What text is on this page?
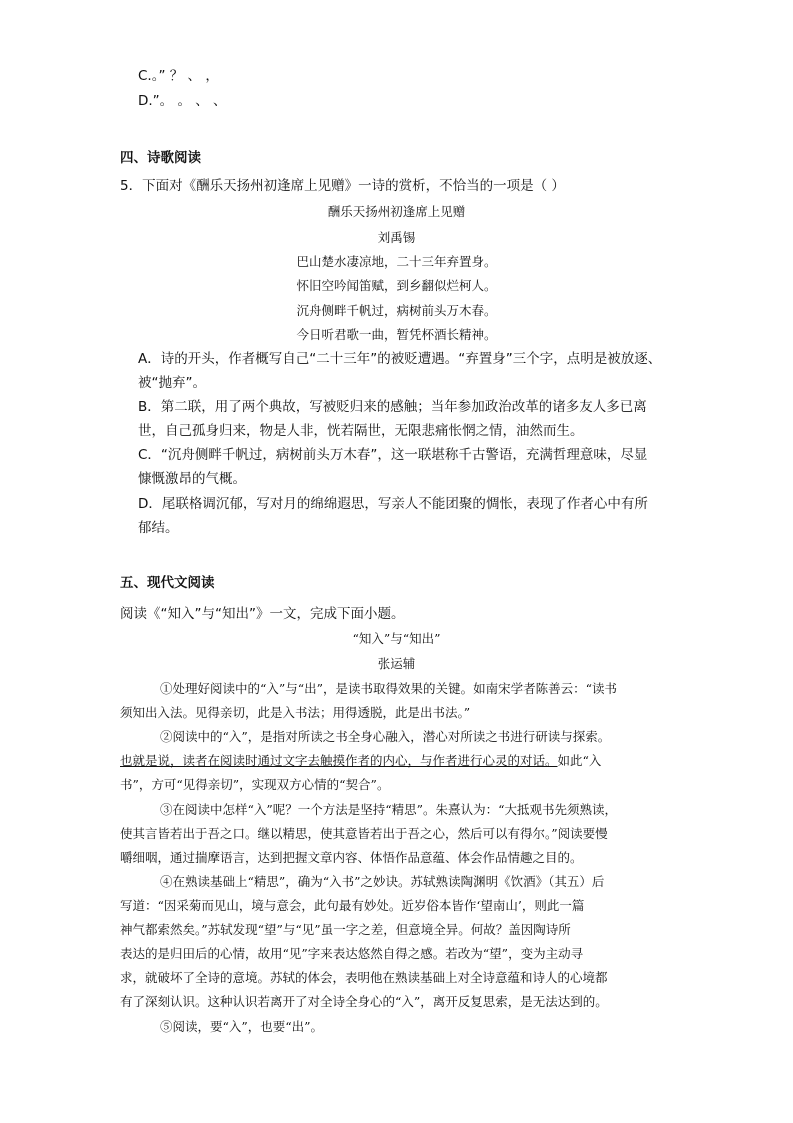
C.。” ？ 、 ，
D.”。 。 、 、
四、诗歌阅读
5．下面对《酬乐天扬州初逢席上见赠》一诗的赏析，不恰当的一项是（ ）
酬乐天扬州初逢席上见赠
刘禹锡
巴山楚水凄凉地，二十三年弃置身。
怀旧空吟闻笛赋，到乡翻似烂柯人。
沉舟侧畔千帆过，病树前头万木春。
今日听君歌一曲，暂凭杯酒长精神。
A．诗的开头，作者概写自己“二十三年”的被贬遭遇。“弃置身”三个字，点明是被放逐、
被“抛弃”。
B．第二联，用了两个典故，写被贬归来的感触；当年参加政治改革的诸多友人多已离
世，自己孤身归来，物是人非，恍若隔世，无限悲痛怅惘之情，油然而生。
C．“沉舟侧畔千帆过，病树前头万木春”，这一联堪称千古警语，充满哲理意味，尽显
慷慨激昂的气概。
D．尾联格调沉郁，写对月的绵绵遐思，写亲人不能团聚的惆怅，表现了作者心中有所
郁结。
五、现代文阅读
阅读《“知入”与“知出”》一文，完成下面小题。
“知入”与“知出”
张运辅
①处理好阅读中的“入”与“出”，是读书取得效果的关键。如南宋学者陈善云：“读书
须知出入法。见得亲切，此是入书法；用得透脱，此是出书法。”
②阅读中的“入”，是指对所读之书全身心融入，潜心对所读之书进行研读与探索。
也就是说，读者在阅读时通过文字去触摸作者的内心，与作者进行心灵的对话。如此“入
书”，方可“见得亲切”，实现双方心情的“契合”。
③在阅读中怎样“入”呢？一个方法是坚持“精思”。朱熹认为：“大抵观书先须熟读，
使其言皆若出于吾之口。继以精思，使其意皆若出于吾之心，然后可以有得尔。”阅读要慢
嚼细咽，通过揣摩语言，达到把握文章内容、体悟作品意蕴、体会作品情趣之目的。
④在熟读基础上“精思”，确为“入书”之妙诀。苏轼熟读陶渊明《饮酒》（其五）后
写道：“因采菊而见山，境与意会，此句最有妙处。近岁俗本皆作‘望南山’，则此一篇
神气都索然矣。”苏轼发现“望”与“见”虽一字之差，但意境全异。何故？盖因陶诗所
表达的是归田后的心情，故用“见”字来表达悠然自得之感。若改为“望”，变为主动寻
求，就破坏了全诗的意境。苏轼的体会，表明他在熟读基础上对全诗意蕴和诗人的心境都
有了深刻认识。这种认识若离开了对全诗全身心的“入”，离开反复思索，是无法达到的。
⑤阅读，要“入”，也要“出”。
